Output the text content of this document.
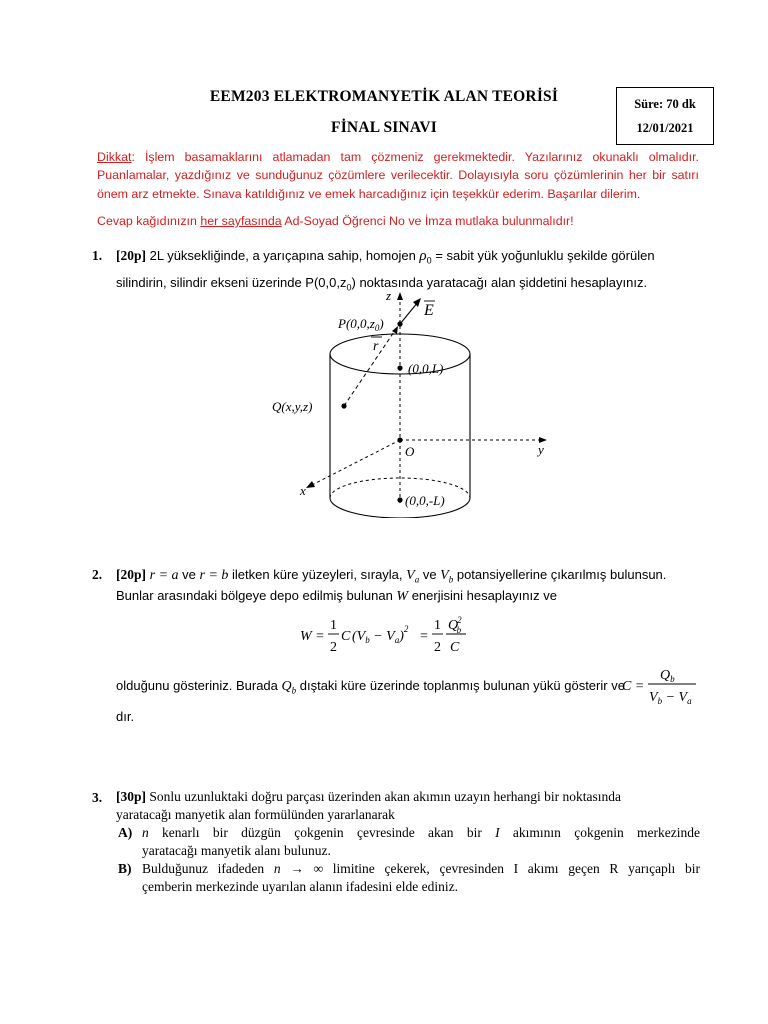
EEM203 ELEKTROMANYETİK ALAN TEORİSİ
FİNAL SINAVI
Süre: 70 dk
12/01/2021
Dikkat: İşlem basamaklarını atlamadan tam çözmeniz gerekmektedir. Yazılarınız okunaklı olmalıdır. Puanlamalar, yazdığınız ve sunduğunuz çözümlere verilecektir. Dolayısıyla soru çözümlerinin her bir satırı önem arz etmekte. Sınava katıldığınız ve emek harcadığınız için teşekkür ederim. Başarılar dilerim.
Cevap kağıdınızın her sayfasında Ad-Soyad Öğrenci No ve İmza mutlaka bulunmalıdır!
1. [20p] 2L yüksekliğinde, a yarıçapına sahip, homojen $\rho_0$ = sabit yük yoğunluklu şekilde görülen
silindirin, silindir ekseni üzerinde $P(0,0,z_0)$ noktasında yaratacağı alan şiddetini hesaplayınız.
z
$P(0,0,z_0)$
E
r
(0,0,L)
Q(x,y,z)
O	y
x
(0,0,-L)
2. [20p] r = a ve r = b iletken küre yüzeyleri, sırayla, $V_a$ ve $V_b$ potansiyellerine çıkarılmış bulunsun.
Bunlar arasındaki bölgeye depo edilmiş bulunan W enerjisini hesaplayınız ve
W =
1
2
C $(V_b - V_a)^2$ =
1
2
Q2 b
C
olduğunu gösteriniz. Burada $Q_b$ dıştaki küre üzerinde toplanmış bulunan yükü gösterir ve
C =
$Q_b$
$V_b - V_a$
dır.
3. [30p] Sonlu uzunluktaki doğru parçası üzerinden akan akımın uzayın herhangi bir noktasında
yaratacağı manyetik alan formülünden yararlanarak
A) n kenarlı bir düzgün çokgenin çevresinde akan bir I akımının çokgenin merkezinde
yaratacağı manyetik alanı bulunuz.
B) Bulduğunuz ifadeden n → ∞ limitine çekerek, çevresinden I akımı geçen R yarıçaplı bir
çemberin merkezinde uyarılan alanın ifadesini elde ediniz.
